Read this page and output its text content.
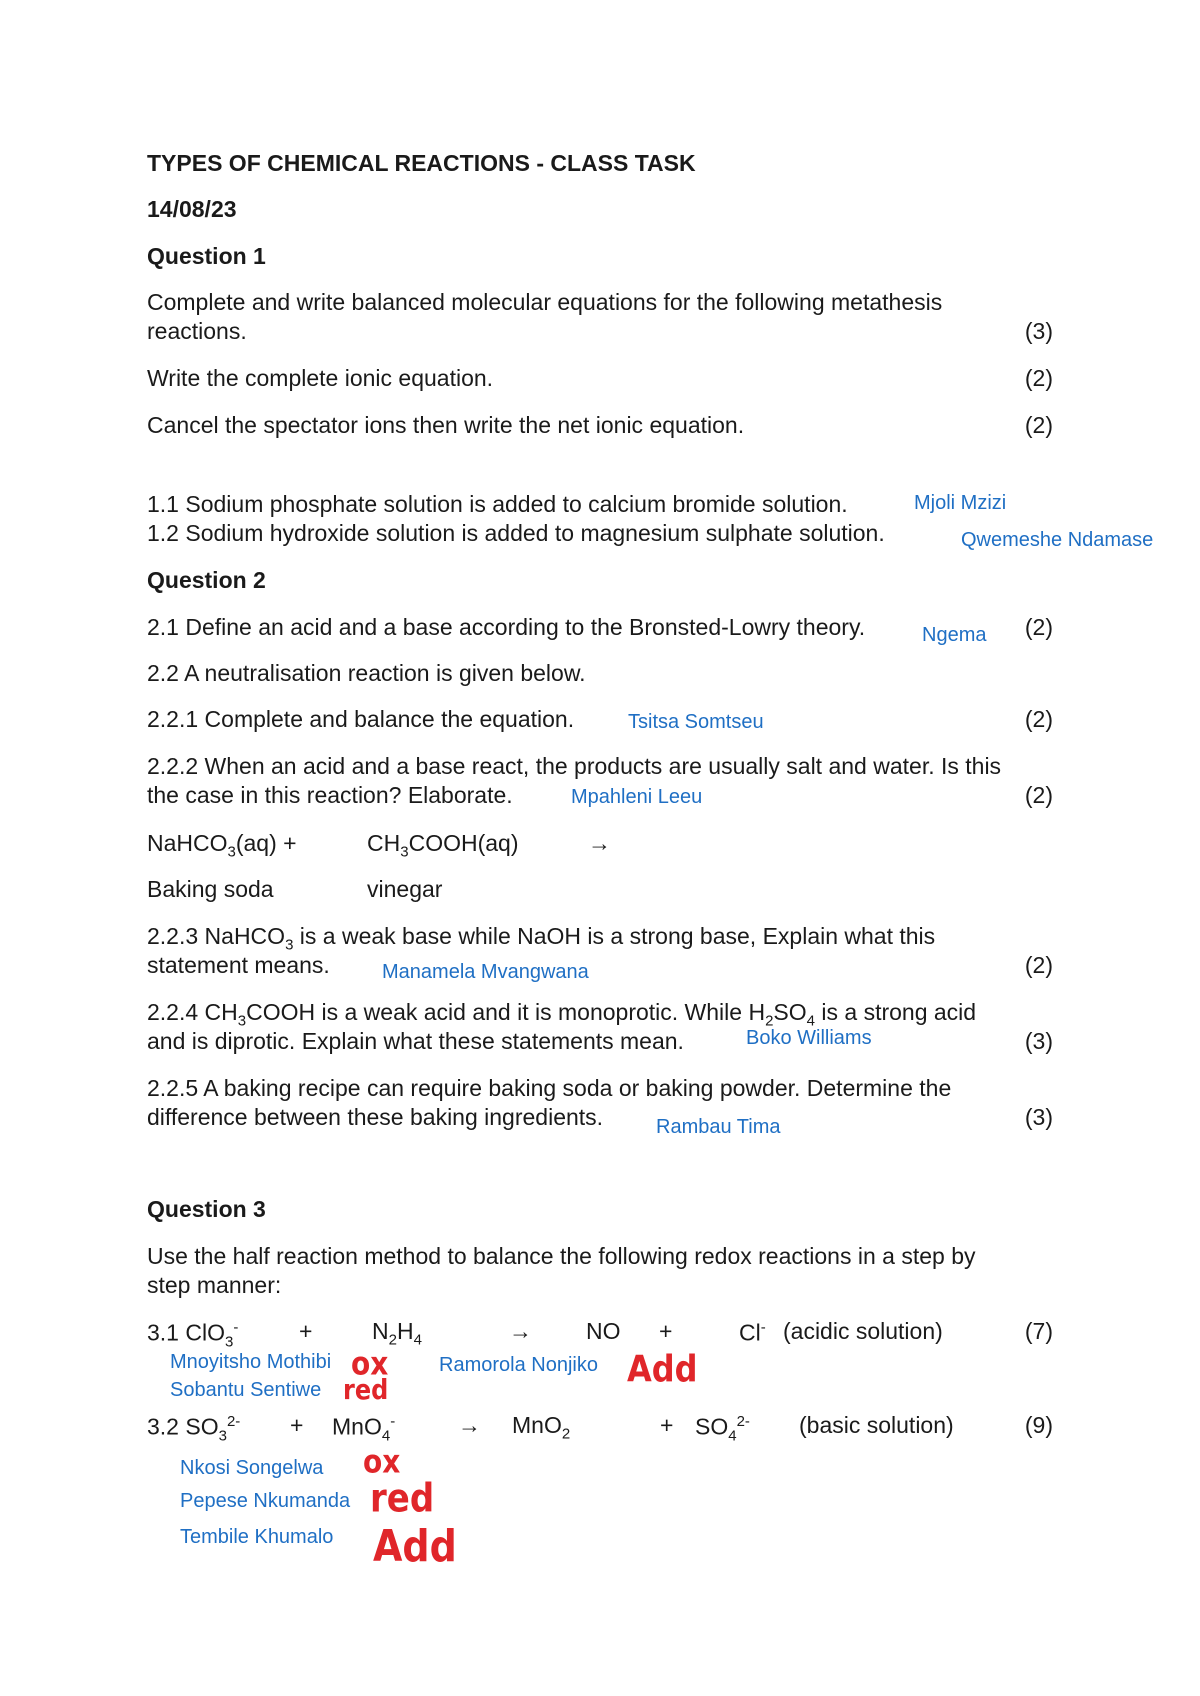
TYPES OF CHEMICAL REACTIONS - CLASS TASK
14/08/23
Question 1
Complete and write balanced molecular equations for the following metathesis
reactions.	(3)
Write the complete ionic equation.	(2)
Cancel the spectator ions then write the net ionic equation.	(2)
1.1 Sodium phosphate solution is added to calcium bromide solution.	Mjoli Mzizi
1.2 Sodium hydroxide solution is added to magnesium sulphate solution.	Qwemeshe Ndamase
Question 2
2.1 Define an acid and a base according to the Bronsted-Lowry theory.	Ngema (2)
2.2 A neutralisation reaction is given below.
2.2.1 Complete and balance the equation.	Tsitsa Somtseu	(2)
2.2.2 When an acid and a base react, the products are usually salt and water. Is this
the case in this reaction? Elaborate.	Mpahleni Leeu	(2)
NaHCO$_3$(aq) +	$CH_3COOH(aq)$	→
Baking soda	vinegar
2.2.3 NaHCO$_3$ is a weak base while NaOH is a strong base, Explain what this
statement means.	Manamela Mvangwana	(2)
2.2.4 $CH_3COOH$ is a weak acid and it is monoprotic. While $H_2SO_4$ is a strong acid
and is diprotic. Explain what these statements mean.	Boko Williams	(3)
2.2.5 A baking recipe can require baking soda or baking powder. Determine the
difference between these baking ingredients.	Rambau Tima	(3)
Question 3
Use the half reaction method to balance the following redox reactions in a step by
step manner:
3.1 ClO$_3$-	+	$N_2H_4$	→ NO +	Cl- (acidic solution)	(7)
Mnoyitsho Mothibi
Sobantu Sentiwe
Ramorola Nonjiko
ox
red	Add
3.2 $SO_3^{2-} + MnO_4^-$	→ MnO$_2$	+ $SO_4^{2-}$ (basic solution)	(9)
Nkosi Songelwa
Pepese Nkumanda
Tembile Khumalo
ox
red
Add
